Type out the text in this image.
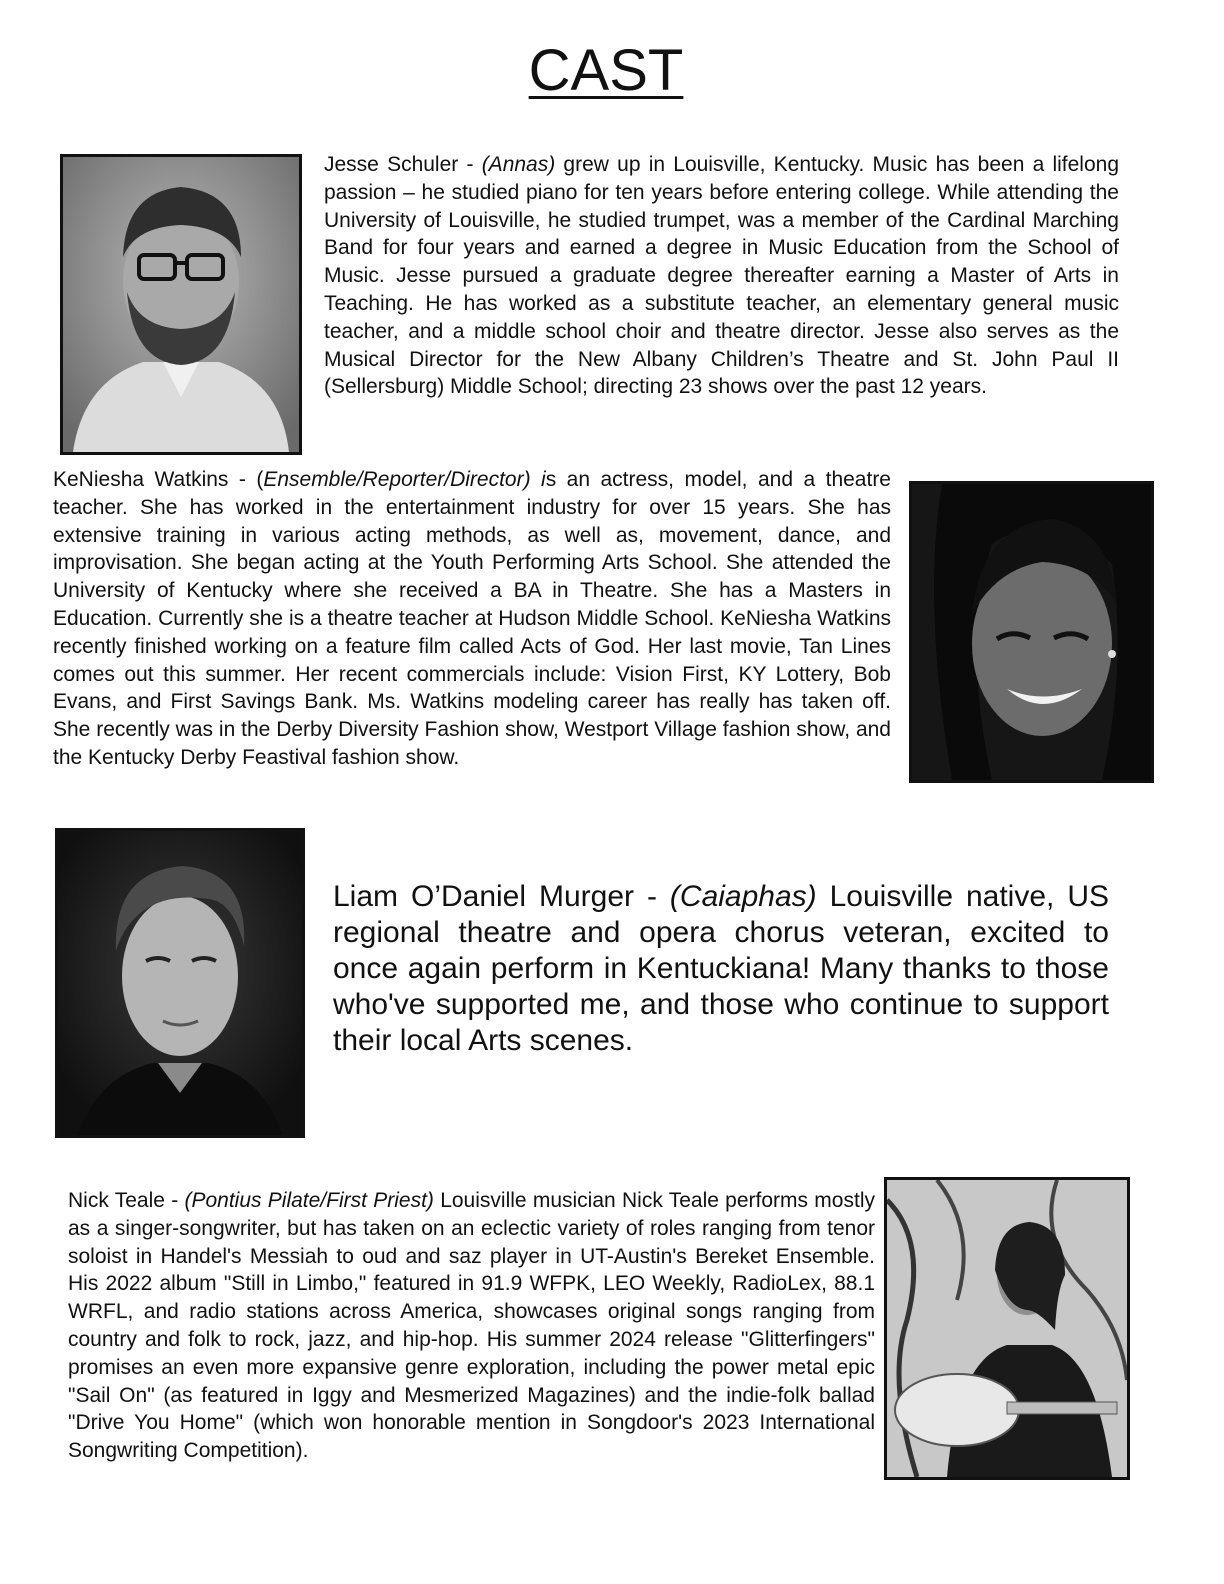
CAST

Jesse Schuler - (Annas) grew up in Louisville, Kentucky. Music has been a lifelong passion – he studied piano for ten years before entering college. While attending the University of Louisville, he studied trumpet, was a member of the Cardinal Marching Band for four years and earned a degree in Music Education from the School of Music. Jesse pursued a graduate degree thereafter earning a Master of Arts in Teaching. He has worked as a substitute teacher, an elementary general music teacher, and a middle school choir and theatre director. Jesse also serves as the Musical Director for the New Albany Children’s Theatre and St. John Paul II (Sellersburg) Middle School; directing 23 shows over the past 12 years.

KeNiesha Watkins - (Ensemble/Reporter/Director) is an actress, model, and a theatre teacher. She has worked in the entertainment industry for over 15 years. She has extensive training in various acting methods, as well as, movement, dance, and improvisation. She began acting at the Youth Performing Arts School. She attended the University of Kentucky where she received a BA in Theatre. She has a Masters in Education. Currently she is a theatre teacher at Hudson Middle School. KeNiesha Watkins recently finished working on a feature film called Acts of God. Her last movie, Tan Lines comes out this summer. Her recent commercials include: Vision First, KY Lottery, Bob Evans, and First Savings Bank. Ms. Watkins modeling career has really has taken off. She recently was in the Derby Diversity Fashion show, Westport Village fashion show, and the Kentucky Derby Feastival fashion show.

Liam O’Daniel Murger - (Caiaphas) Louisville native, US regional theatre and opera chorus veteran, excited to once again perform in Kentuckiana! Many thanks to those who've supported me, and those who continue to support their local Arts scenes.

Nick Teale - (Pontius Pilate/First Priest) Louisville musician Nick Teale performs mostly as a singer-songwriter, but has taken on an eclectic variety of roles ranging from tenor soloist in Handel's Messiah to oud and saz player in UT-Austin's Bereket Ensemble. His 2022 album "Still in Limbo," featured in 91.9 WFPK, LEO Weekly, RadioLex, 88.1 WRFL, and radio stations across America, showcases original songs ranging from country and folk to rock, jazz, and hip-hop. His summer 2024 release "Glitterfingers" promises an even more expansive genre exploration, including the power metal epic "Sail On" (as featured in Iggy and Mesmerized Magazines) and the indie-folk ballad "Drive You Home" (which won honorable mention in Songdoor's 2023 International Songwriting Competition).
